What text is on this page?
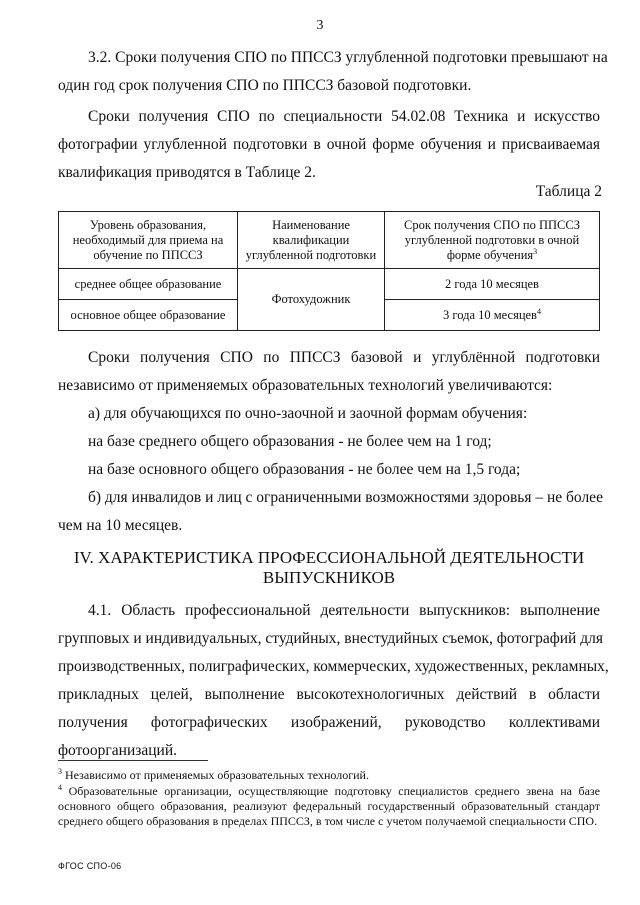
3
3.2. Сроки получения СПО по ППССЗ углубленной подготовки превышают на
один год срок получения СПО по ППССЗ базовой подготовки.
Сроки получения СПО по специальности 54.02.08 Техника и искусство
фотографии углубленной подготовки в очной форме обучения и присваиваемая
квалификация приводятся в Таблице 2.
Таблица 2
Уровень образования, необходимый для приема на обучение по ППССЗ	Наименование квалификации углубленной подготовки	Срок получения СПО по ППССЗ углубленной подготовки в очной форме обучения$^3$
среднее общее образование	Фотохудожник	2 года 10 месяцев
основное общее образование		3 года 10 месяцев$^4$
Сроки получения СПО по ППССЗ базовой и углублённой подготовки
независимо от применяемых образовательных технологий увеличиваются:
а) для обучающихся по очно-заочной и заочной формам обучения:
на базе среднего общего образования - не более чем на 1 год;
на базе основного общего образования - не более чем на 1,5 года;
б) для инвалидов и лиц с ограниченными возможностями здоровья – не более
чем на 10 месяцев.
IV. ХАРАКТЕРИСТИКА ПРОФЕССИОНАЛЬНОЙ ДЕЯТЕЛЬНОСТИ
ВЫПУСКНИКОВ
4.1. Область профессиональной деятельности выпускников: выполнение
групповых и индивидуальных, студийных, внестудийных съемок, фотографий для
производственных, полиграфических, коммерческих, художественных, рекламных,
прикладных целей, выполнение высокотехнологичных действий в области
получения фотографических изображений, руководство коллективами
фотоорганизаций.

$^3$ Независимо от применяемых образовательных технологий.

$^4$ Образовательные организации, осуществляющие подготовку специалистов среднего звена на базе основного общего образования, реализуют федеральный государственный образовательный стандарт среднего общего образования в пределах ППССЗ, в том числе с учетом получаемой специальности СПО.

ФГОС СПО-06
